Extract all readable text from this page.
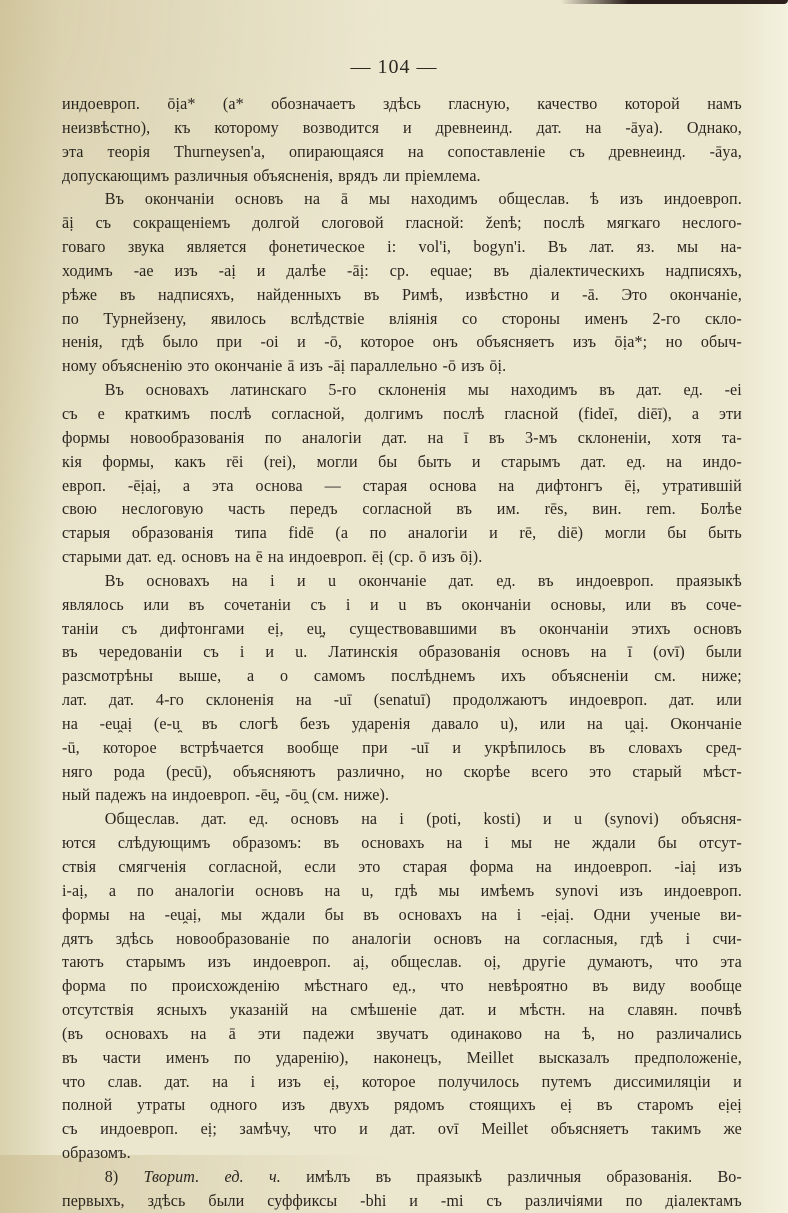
— 104 —
индоевроп. ōịa* (a* обозначаетъ здѣсь гласную, качество которой намъ
неизвѣстно), къ которому возводится и древнеинд. дат. на -āya). Однако,
эта теорія Thurneysen'a, опирающаяся на сопоставленіе съ древнеинд. -āya,
допускающимъ различныя объясненія, врядъ ли пріемлема.
Въ окончаніи основъ на ā мы находимъ общеслав. ѣ изъ индоевроп.
āị съ сокращеніемъ долгой слоговой гласной: ženѣ; послѣ мягкаго неслого-
говаго звука является фонетическое i: vol'i, bogyn'i. Въ лат. яз. мы на-
ходимъ -ae изъ -aị и далѣе -āị: ср. equae; въ діалектическихъ надписяхъ,
рѣже въ надписяхъ, найденныхъ въ Римѣ, извѣстно и -ā. Это окончаніе,
по Турнейзену, явилось вслѣдствіе вліянія со стороны именъ 2-го скло-
ненія, гдѣ было при -oi и -ō, которое онъ объясняетъ изъ ōịa*; но обыч-
ному объясненію это окончаніе ā изъ -āị параллельно -ō изъ ōị.
Въ основахъ латинскаго 5-го склоненія мы находимъ въ дат. ед. -ei
съ e краткимъ послѣ согласной, долгимъ послѣ гласной (fideī, diēī), а эти
формы новообразованія по аналогіи дат. на ī въ 3-мъ склоненіи, хотя та-
кія формы, какъ rēi (rei), могли бы быть и старымъ дат. ед. на индо-
европ. -ēịaị, а эта основа — старая основа на дифтонгъ ēị, утратившій
свою неслоговую часть передъ согласной въ им. rēs, вин. rem. Болѣе
старыя образованія типа fidē (а по аналогіи и rē, diē) могли бы быть
старыми дат. ед. основъ на ē на индоевроп. ēị (ср. ō изъ ōị).
Въ основахъ на i и u окончаніе дат. ед. въ индоевроп. праязыкѣ
являлось или въ сочетаніи съ i и u въ окончаніи основы, или въ соче-
таніи съ дифтонгами eị, eu̯, существовавшими въ окончаніи этихъ основъ
въ чередованіи съ i и u. Латинскія образованія основъ на ī (ovī) были
разсмотрѣны выше, а о самомъ послѣднемъ ихъ объясненіи см. ниже;
лат. дат. 4-го склоненія на -uī (senatuī) продолжаютъ индоевроп. дат. или
на -eu̯aị (e-u̯ въ слогѣ безъ ударенія давало u), или на u̯aị. Окончаніе
-ū, которое встрѣчается вообще при -uī и укрѣпилось въ словахъ сред-
няго рода (pecū), объясняютъ различно, но скорѣе всего это старый мѣст-
ный падежъ на индоевроп. -ēu̯, -ōu̯ (см. ниже).
Общеслав. дат. ед. основъ на i (poti, kosti) и u (synovi) объясня-
ются слѣдующимъ образомъ: въ основахъ на i мы не ждали бы отсут-
ствія смягченія согласной, если это старая форма на индоевроп. -iaị изъ
i-aị, а по аналогіи основъ на u, гдѣ мы имѣемъ synovi изъ индоевроп.
формы на -eu̯aị, мы ждали бы въ основахъ на i -eịaị. Одни ученые ви-
дятъ здѣсь новообразованіе по аналогіи основъ на согласныя, гдѣ i счи-
таютъ старымъ изъ индоевроп. aị, общеслав. oị, другіе думаютъ, что эта
форма по происхожденію мѣстнаго ед., что невѣроятно въ виду вообще
отсутствія ясныхъ указаній на смѣшеніе дат. и мѣстн. на славян. почвѣ
(въ основахъ на ā эти падежи звучатъ одинаково на ѣ, но различались
въ части именъ по ударенію), наконецъ, Meillet высказалъ предположеніе,
что слав. дат. на i изъ eị, которое получилось путемъ диссимиляціи и
полной утраты одного изъ двухъ рядомъ стоящихъ eị въ старомъ eịeị
съ индоевроп. eị; замѣчу, что и дат. ovī Meillet объясняетъ такимъ же
образомъ.
8) Творит. ед. ч. имѣлъ въ праязыкѣ различныя образованія. Во-
первыхъ, здѣсь были суффиксы -bhi и -mi съ различіями по діалектамъ
